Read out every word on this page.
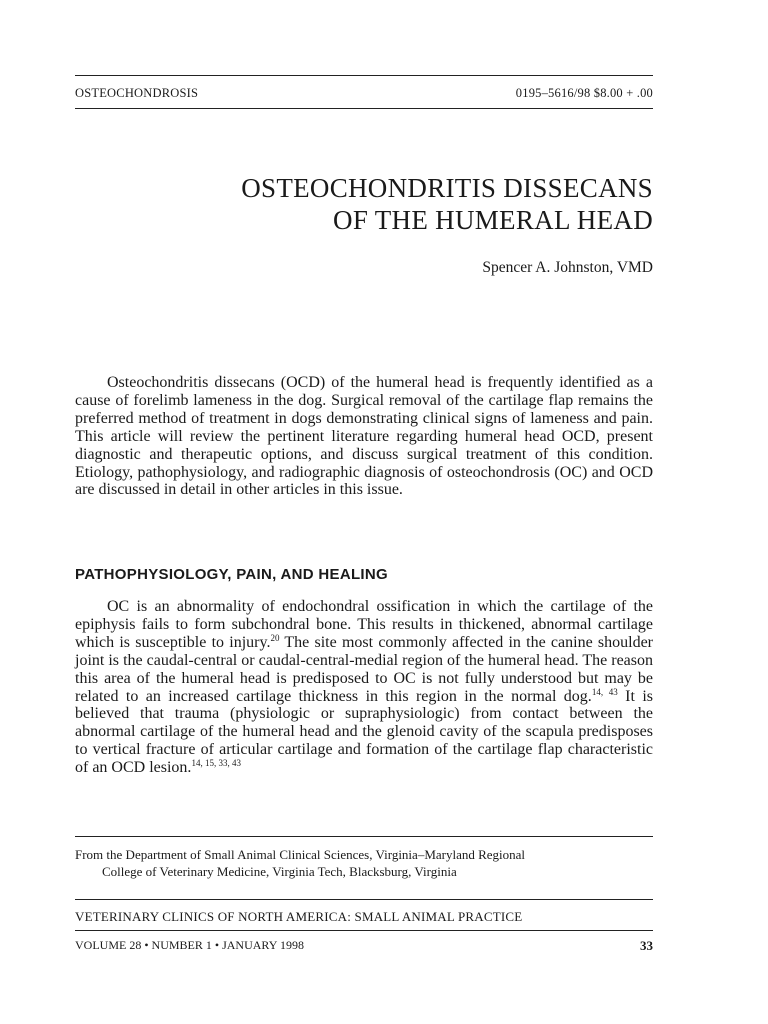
OSTEOCHONDROSIS	0195–5616/98 $8.00 + .00
OSTEOCHONDRITIS DISSECANS
OF THE HUMERAL HEAD
Spencer A. Johnston, VMD

Osteochondritis dissecans (OCD) of the humeral head is frequently identified as a cause of forelimb lameness in the dog. Surgical removal of the cartilage flap remains the preferred method of treatment in dogs demonstrating clinical signs of lameness and pain. This article will review the pertinent literature regarding humeral head OCD, present diagnostic and therapeutic options, and discuss surgical treatment of this condition. Etiology, pathophysiology, and radiographic diagnosis of osteochondrosis (OC) and OCD are discussed in detail in other articles in this issue.

PATHOPHYSIOLOGY, PAIN, AND HEALING

OC is an abnormality of endochondral ossification in which the cartilage of the epiphysis fails to form subchondral bone. This results in thickened, abnormal cartilage which is susceptible to injury.$^{20}$ The site most commonly affected in the canine shoulder joint is the caudal-central or caudal-central-medial region of the humeral head. The reason this area of the humeral head is predisposed to OC is not fully understood but may be related to an increased cartilage thickness in this region in the normal dog.$^{14, 43}$ It is believed that trauma (physiologic or supraphysiologic) from contact between the abnormal cartilage of the humeral head and the glenoid cavity of the scapula predisposes to vertical fracture of articular cartilage and formation of the cartilage flap characteristic of an OCD lesion.$^{14, 15, 33, 43}$

From the Department of Small Animal Clinical Sciences, Virginia–Maryland Regional
College of Veterinary Medicine, Virginia Tech, Blacksburg, Virginia
VETERINARY CLINICS OF NORTH AMERICA: SMALL ANIMAL PRACTICE
VOLUME 28 • NUMBER 1 • JANUARY 1998	33
